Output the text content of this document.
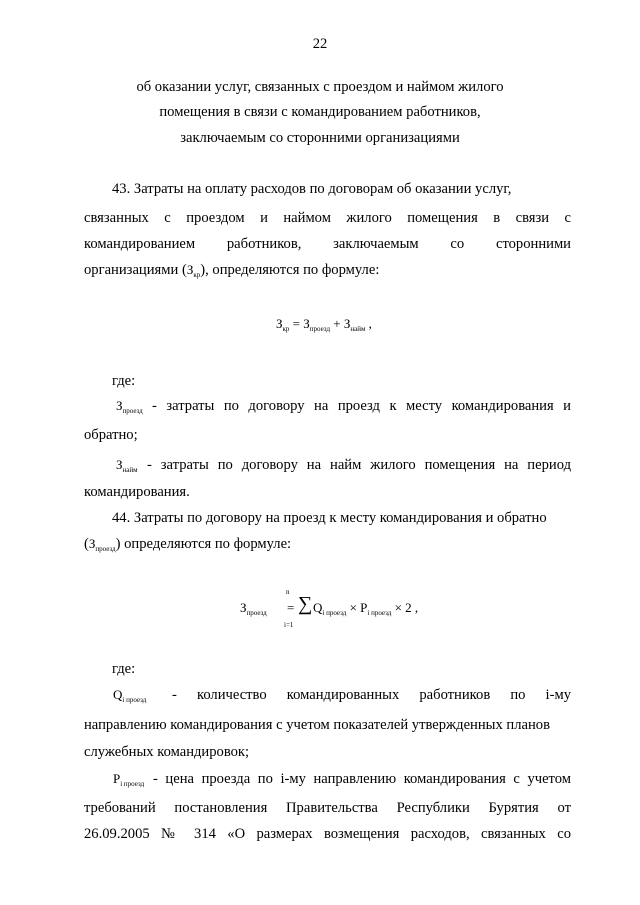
22
об оказании услуг, связанных с проездом и наймом жилого
помещения в связи с командированием работников,
заключаемым со сторонними организациями
43. Затраты на оплату расходов по договорам об оказании услуг,
связанных с проездом и наймом жилого помещения в связи с
командированием работников, заключаемым со сторонними
организациями $(З_{кр})$, определяются по формуле:
$З_{кр} = З_{проезд} + З_{найм}$ ,
где:
$З_{проезд}$ - затраты по договору на проезд к месту командирования и
обратно;
$З_{найм}$ - затраты по договору на найм жилого помещения на период
командирования.
44. Затраты по договору на проезд к месту командирования и обратно
$(З_{проезд})$ определяются по формуле:
$З_{проезд}$ =
n
∑
i=1
$Q_{i проезд} \times P_{i проезд} \times 2$ ,
где:
$Q_{i проезд}$ - количество командированных работников по i-му
направлению командирования с учетом показателей утвержденных планов
служебных командировок;
$P_{i проезд}$ - цена проезда по i-му направлению командирования с учетом
требований постановления Правительства Республики Бурятия от
26.09.2005 № 314 «О размерах возмещения расходов, связанных со
